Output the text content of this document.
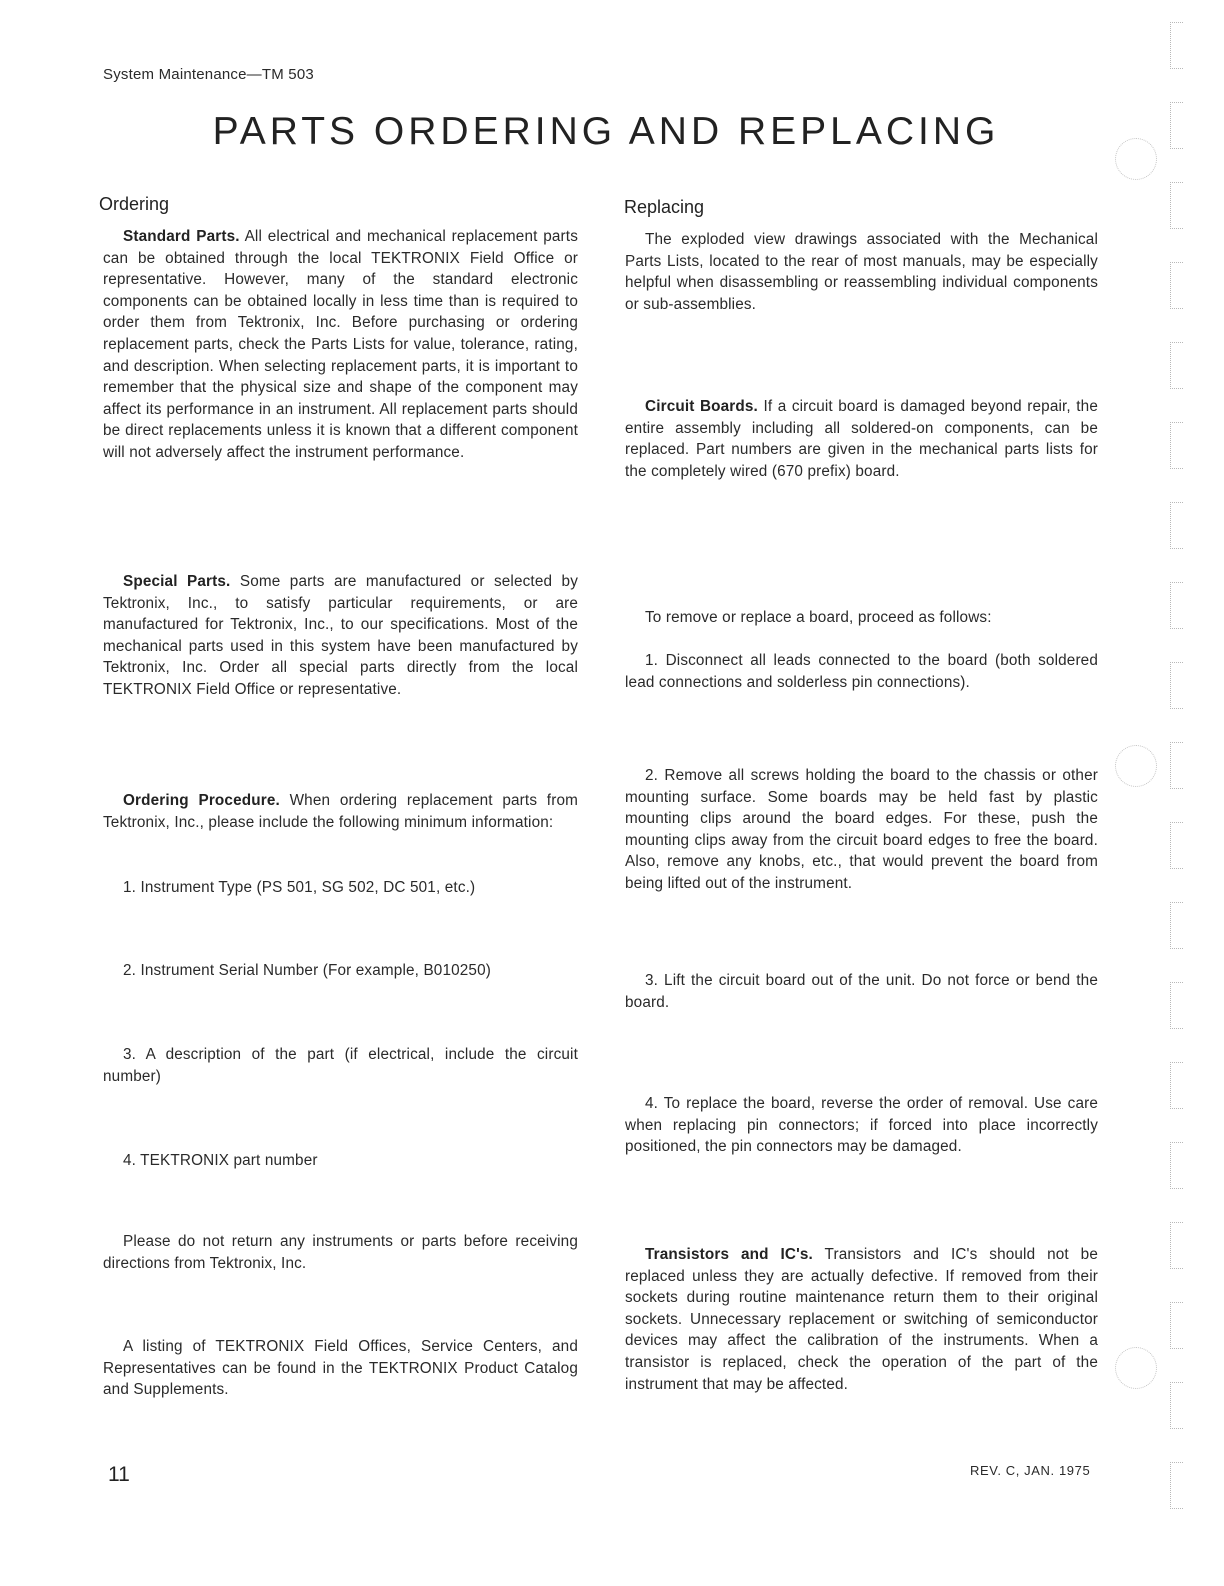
System Maintenance—TM 503
PARTS ORDERING AND REPLACING
Ordering
Standard Parts. All electrical and mechanical replacement parts can be obtained through the local TEKTRONIX Field Office or representative. However, many of the standard electronic components can be obtained locally in less time than is required to order them from Tektronix, Inc. Before purchasing or ordering replacement parts, check the Parts Lists for value, tolerance, rating, and description. When selecting replacement parts, it is important to remember that the physical size and shape of the component may affect its performance in an instrument. All replacement parts should be direct replacements unless it is known that a different component will not adversely affect the instrument performance.
Special Parts. Some parts are manufactured or selected by Tektronix, Inc., to satisfy particular requirements, or are manufactured for Tektronix, Inc., to our specifications. Most of the mechanical parts used in this system have been manufactured by Tektronix, Inc. Order all special parts directly from the local TEKTRONIX Field Office or representative.
Ordering Procedure. When ordering replacement parts from Tektronix, Inc., please include the following minimum information:
1. Instrument Type (PS 501, SG 502, DC 501, etc.)
2. Instrument Serial Number (For example, B010250)
3. A description of the part (if electrical, include the circuit number)
4. TEKTRONIX part number
Please do not return any instruments or parts before receiving directions from Tektronix, Inc.
A listing of TEKTRONIX Field Offices, Service Centers, and Representatives can be found in the TEKTRONIX Product Catalog and Supplements.
Replacing
The exploded view drawings associated with the Mechanical Parts Lists, located to the rear of most manuals, may be especially helpful when disassembling or reassembling individual components or sub-assemblies.
Circuit Boards. If a circuit board is damaged beyond repair, the entire assembly including all soldered-on components, can be replaced. Part numbers are given in the mechanical parts lists for the completely wired (670 prefix) board.
To remove or replace a board, proceed as follows:
1. Disconnect all leads connected to the board (both soldered lead connections and solderless pin connections).
2. Remove all screws holding the board to the chassis or other mounting surface. Some boards may be held fast by plastic mounting clips around the board edges. For these, push the mounting clips away from the circuit board edges to free the board. Also, remove any knobs, etc., that would prevent the board from being lifted out of the instrument.
3. Lift the circuit board out of the unit. Do not force or bend the board.
4. To replace the board, reverse the order of removal. Use care when replacing pin connectors; if forced into place incorrectly positioned, the pin connectors may be damaged.
Transistors and IC's. Transistors and IC's should not be replaced unless they are actually defective. If removed from their sockets during routine maintenance return them to their original sockets. Unnecessary replacement or switching of semiconductor devices may affect the calibration of the instruments. When a transistor is replaced, check the operation of the part of the instrument that may be affected.
11	REV. C, JAN. 1975
